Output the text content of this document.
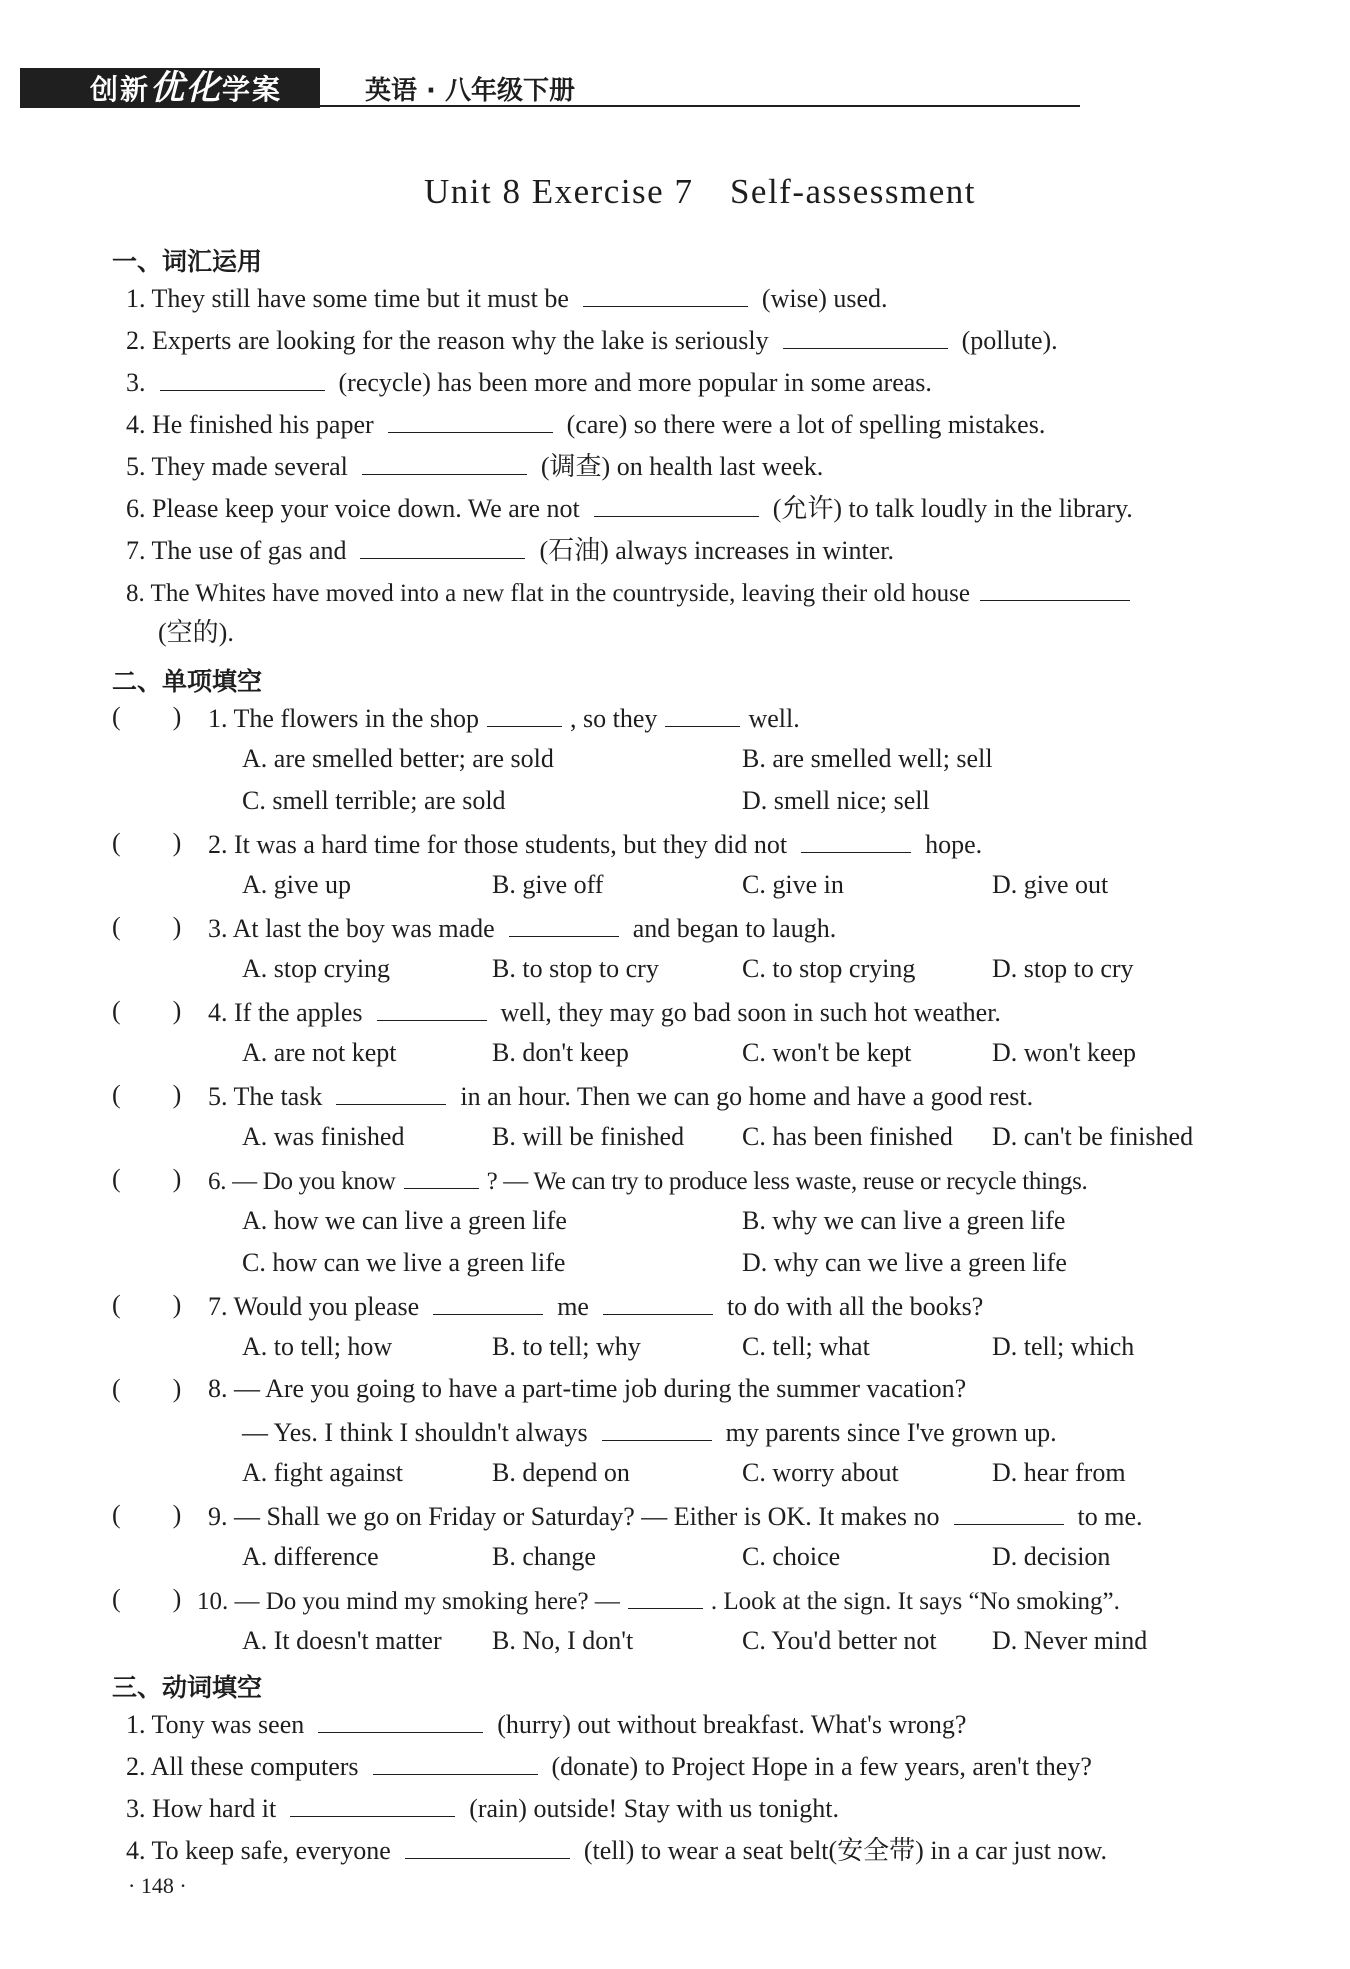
创新优化学案	英语 · 八年级下册
Unit 8 Exercise 7　Self-assessment
一、词汇运用
1. They still have some time but it must be	(wise) used.
2. Experts are looking for the reason why the lake is seriously	(pollute).
3.	(recycle) has been more and more popular in some areas.
4. He finished his paper	(care) so there were a lot of spelling mistakes.
5. They made several	(调查) on health last week.
6. Please keep your voice down. We are not	(允许) to talk loudly in the library.
7. The use of gas and	(石油) always increases in winter.
8. The Whites have moved into a new flat in the countryside, leaving their old house
(空的).
二、单项填空
(　　) 1. The flowers in the shop	, so they	well.
A. are smelled better; are sold	B. are smelled well; sell
C. smell terrible; are sold	D. smell nice; sell
(　　) 2. It was a hard time for those students, but they did not	hope.
A. give up	B. give off	C. give in	D. give out
(　　) 3. At last the boy was made	and began to laugh.
A. stop crying	B. to stop to cry	C. to stop crying	D. stop to cry
(　　) 4. If the apples	well, they may go bad soon in such hot weather.
A. are not kept	B. don't keep	C. won't be kept	D. won't keep
(　　) 5. The task	in an hour. Then we can go home and have a good rest.
A. was finished	B. will be finished C. has been finished D. can't be finished
(　　) 6. — Do you know	? — We can try to produce less waste, reuse or recycle things.
A. how we can live a green life	B. why we can live a green life
C. how can we live a green life	D. why can we live a green life
(　　) 7. Would you please	me	to do with all the books?
A. to tell; how	B. to tell; why	C. tell; what	D. tell; which
(　　) 8. — Are you going to have a part-time job during the summer vacation?
— Yes. I think I shouldn't always	my parents since I've grown up.
A. fight against	B. depend on	C. worry about	D. hear from
(　　) 9. — Shall we go on Friday or Saturday? — Either is OK. It makes no	to me.
A. difference	B. change	C. choice	D. decision
(　　) 10. — Do you mind my smoking here? —	. Look at the sign. It says “No smoking”.
A. It doesn't matter B. No, I don't	C. You'd better not D. Never mind
三、动词填空
1. Tony was seen	(hurry) out without breakfast. What's wrong?
2. All these computers	(donate) to Project Hope in a few years, aren't they?
3. How hard it	(rain) outside! Stay with us tonight.
4. To keep safe, everyone	(tell) to wear a seat belt(安全带) in a car just now.
· 148 ·
